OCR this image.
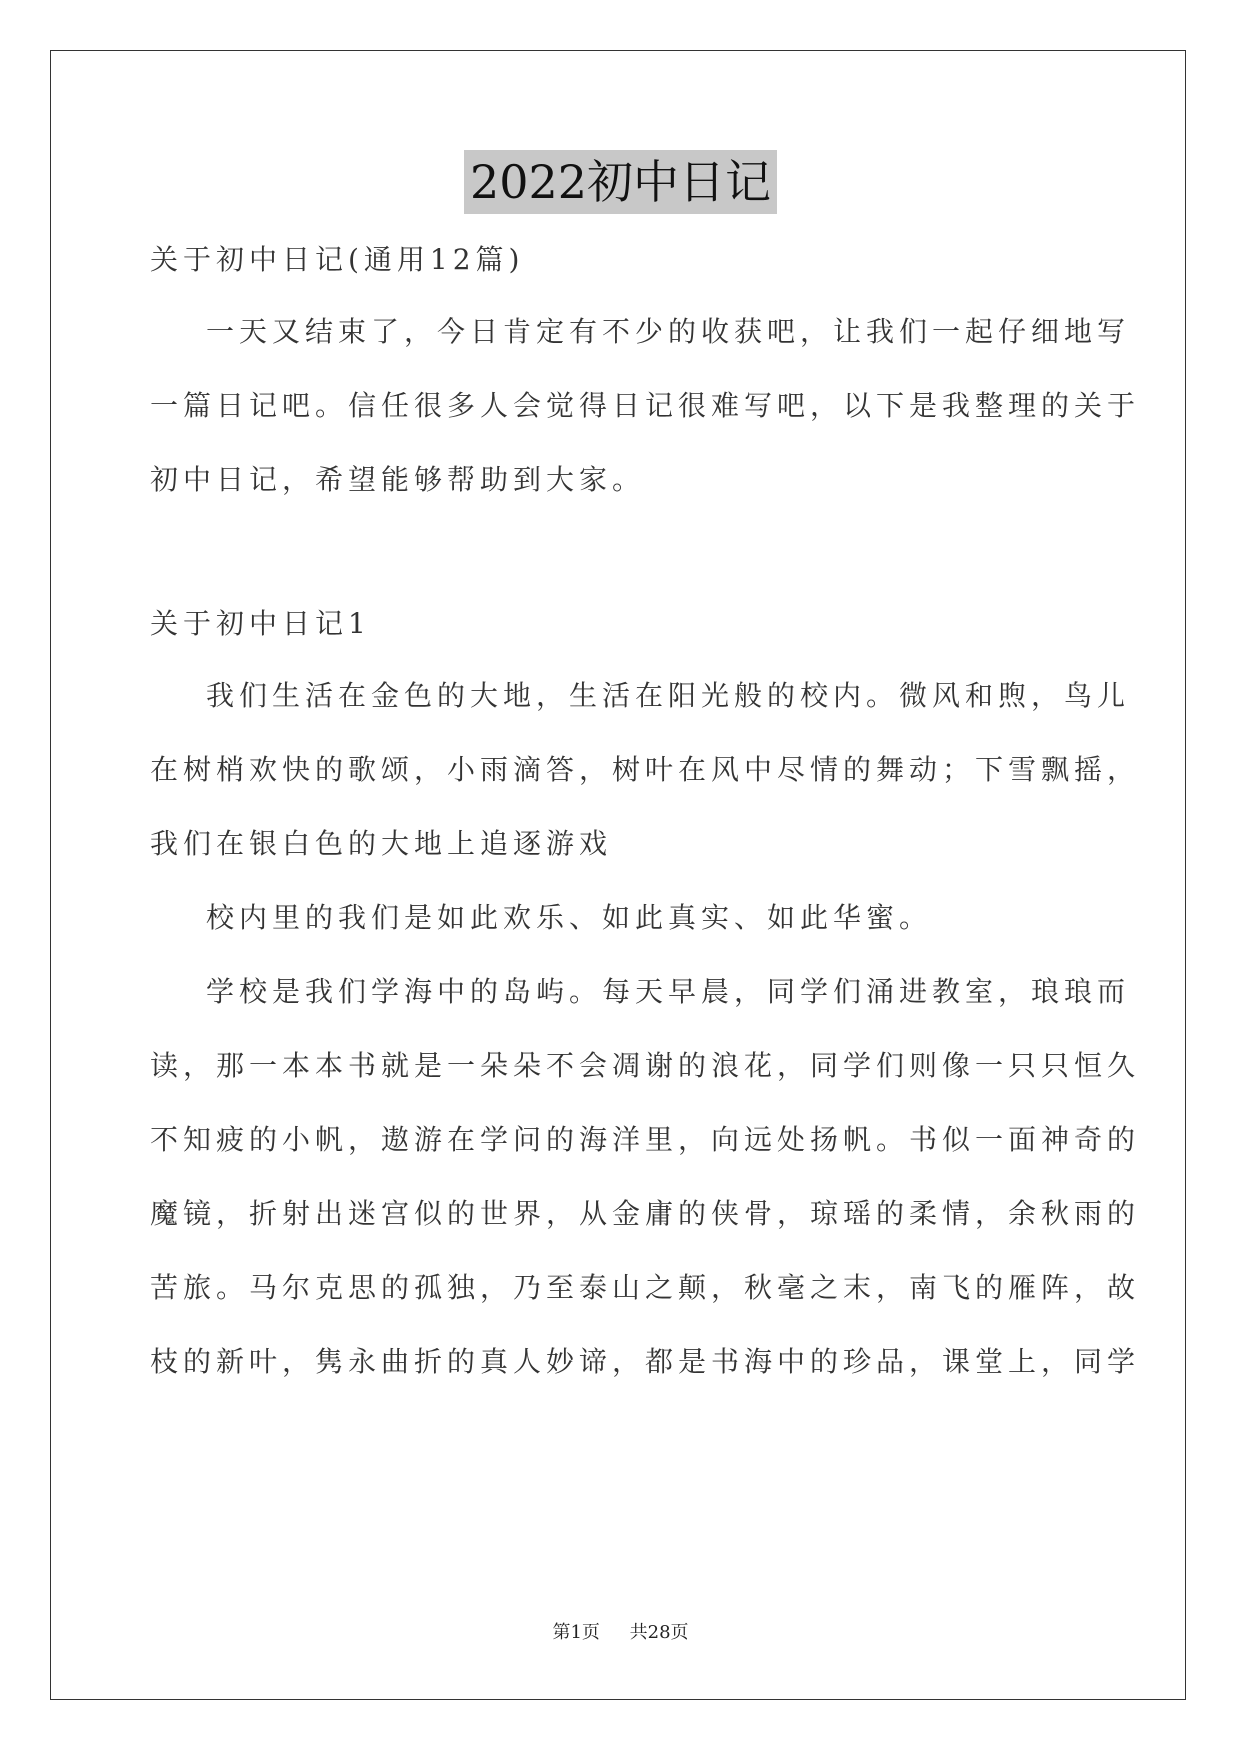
2022初中日记
关于初中日记(通用12篇)
一天又结束了，今日肯定有不少的收获吧，让我们一起仔细地写
一篇日记吧。信任很多人会觉得日记很难写吧，以下是我整理的关于
初中日记，希望能够帮助到大家。
关于初中日记1
我们生活在金色的大地，生活在阳光般的校内。微风和煦，鸟儿
在树梢欢快的歌颂，小雨滴答，树叶在风中尽情的舞动；下雪飘摇，
我们在银白色的大地上追逐游戏
校内里的我们是如此欢乐、如此真实、如此华蜜。
学校是我们学海中的岛屿。每天早晨，同学们涌进教室，琅琅而
读，那一本本书就是一朵朵不会凋谢的浪花，同学们则像一只只恒久
不知疲的小帆，遨游在学问的海洋里，向远处扬帆。书似一面神奇的
魔镜，折射出迷宫似的世界，从金庸的侠骨，琼瑶的柔情，余秋雨的
苦旅。马尔克思的孤独，乃至泰山之颠，秋毫之末，南飞的雁阵，故
枝的新叶，隽永曲折的真人妙谛，都是书海中的珍品，课堂上，同学
第1页 共28页
